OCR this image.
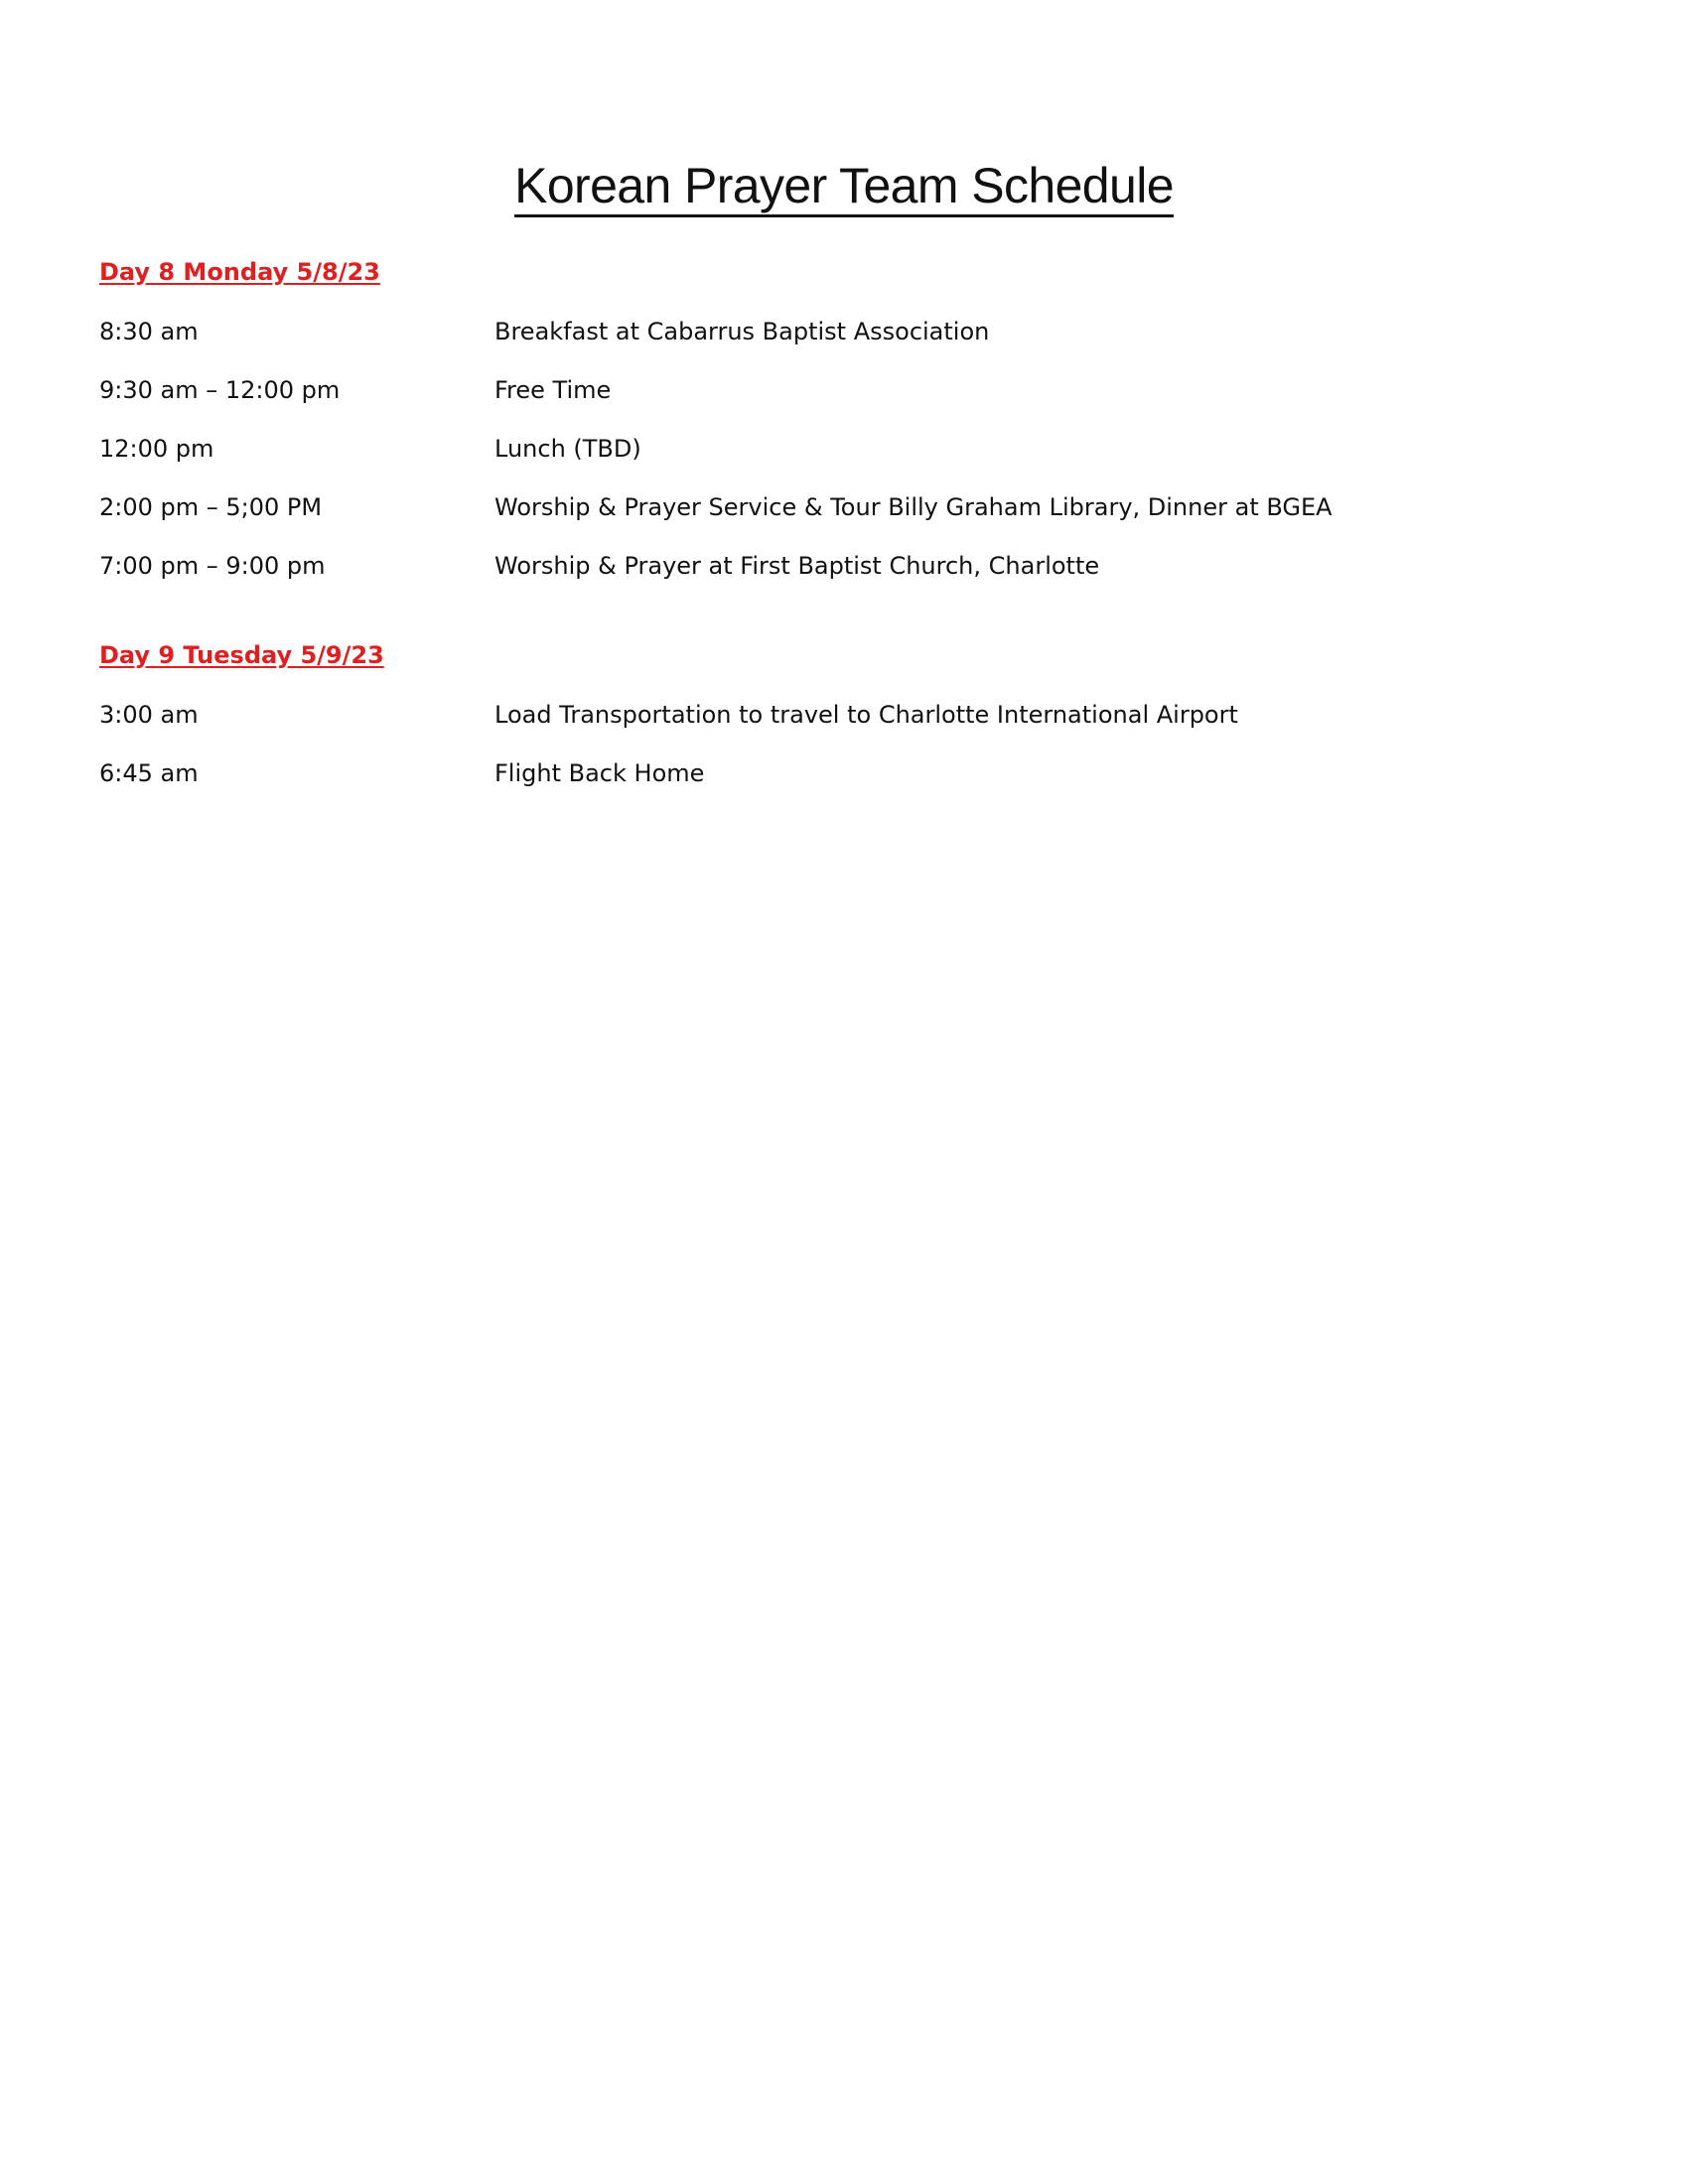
Korean Prayer Team Schedule
Day 8 Monday 5/8/23
8:30 am	Breakfast at Cabarrus Baptist Association
9:30 am – 12:00 pm	Free Time
12:00 pm	Lunch (TBD)
2:00 pm – 5;00 PM	Worship & Prayer Service & Tour Billy Graham Library, Dinner at BGEA
7:00 pm – 9:00 pm	Worship & Prayer at First Baptist Church, Charlotte
Day 9 Tuesday 5/9/23
3:00 am	Load Transportation to travel to Charlotte International Airport
6:45 am	Flight Back Home
